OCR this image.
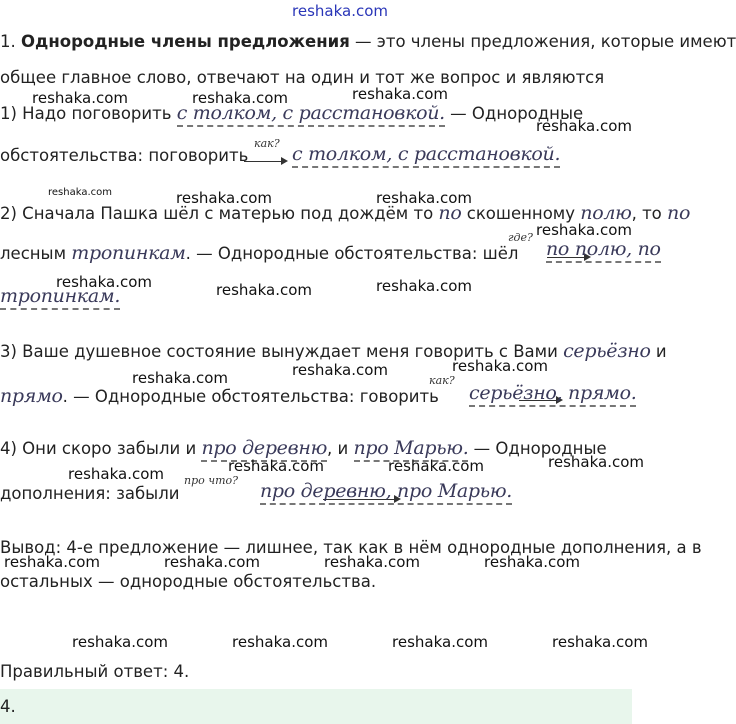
reshaka.com
1. Однородные члены предложения — это члены предложения, которые имеют
общее главное слово, отвечают на один и тот же вопрос и являются
1) Надо поговорить с толком, с расстановкой. — Однородные
обстоятельства: поговорить
как?
с толком, с расстановкой.
2) Сначала Пашка шёл с матерью под дождём то по скошенному полю, то по
лесным тропинкам. — Однородные обстоятельства: шёл
где?

по полю, по
тропинкам.
3) Ваше душевное состояние вынуждает меня говорить с Вами серьёзно и
прямо. — Однородные обстоятельства: говорить
как?

серьёзно, прямо.
4) Они скоро забыли и про деревню, и про Марью. — Однородные
дополнения: забыли
про что? про деревню, про Марью.
Вывод: 4-е предложение — лишнее, так как в нём однородные дополнения, а в
остальных — однородные обстоятельства.
Правильный ответ: 4.
4.
reshaka.com	reshaka.com	reshaka.com
reshaka.com
reshaka.com	reshaka.com	reshaka.com
reshaka.com
reshaka.com	reshaka.com	reshaka.com
reshaka.com	reshaka.com	reshaka.com
reshaka.com	reshaka.com	reshaka.com	reshaka.com
reshaka.com	reshaka.com	reshaka.com	reshaka.com
reshaka.com	reshaka.com	reshaka.com	reshaka.com
